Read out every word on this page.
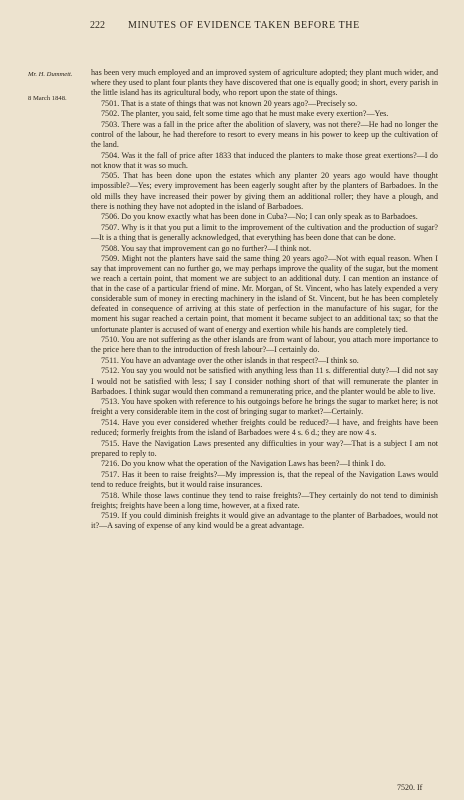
222 MINUTES OF EVIDENCE TAKEN BEFORE THE
Mr. H. Dummett.
8 March 1848.

has been very much employed and an improved system of agriculture adopted; they plant much wider, and where they used to plant four plants they have discovered that one is equally good; in short, every parish in the little island has its agricultural body, who report upon the state of things.

7501. That is a state of things that was not known 20 years ago?—Precisely so.

7502. The planter, you said, felt some time ago that he must make every exertion?—Yes.

7503. There was a fall in the price after the abolition of slavery, was not there?—He had no longer the control of the labour, he had therefore to resort to every means in his power to keep up the cultivation of the land.

7504. Was it the fall of price after 1833 that induced the planters to make those great exertions?—I do not know that it was so much.

7505. That has been done upon the estates which any planter 20 years ago would have thought impossible?—Yes; every improvement has been eagerly sought after by the planters of Barbadoes. In the old mills they have increased their power by giving them an additional roller; they have a plough, and there is nothing they have not adopted in the island of Barbadoes.

7506. Do you know exactly what has been done in Cuba?—No; I can only speak as to Barbadoes.

7507. Why is it that you put a limit to the improvement of the cultivation and the production of sugar?—It is a thing that is generally acknowledged, that everything has been done that can be done.

7508. You say that improvement can go no further?—I think not.

7509. Might not the planters have said the same thing 20 years ago?—Not with equal reason. When I say that improvement can no further go, we may perhaps improve the quality of the sugar, but the moment we reach a certain point, that moment we are subject to an additional duty. I can mention an instance of that in the case of a particular friend of mine. Mr. Morgan, of St. Vincent, who has lately expended a very considerable sum of money in erecting machinery in the island of St. Vincent, but he has been completely defeated in consequence of arriving at this state of perfection in the manufacture of his sugar, for the moment his sugar reached a certain point, that moment it became subject to an additional tax; so that the unfortunate planter is accused of want of energy and exertion while his hands are completely tied.

7510. You are not suffering as the other islands are from want of labour, you attach more importance to the price here than to the introduction of fresh labour?—I certainly do.

7511. You have an advantage over the other islands in that respect?—I think so.

7512. You say you would not be satisfied with anything less than 11 s. differential duty?—I did not say I would not be satisfied with less; I say I consider nothing short of that will remunerate the planter in Barbadoes. I think sugar would then command a remunerating price, and the planter would be able to live.

7513. You have spoken with reference to his outgoings before he brings the sugar to market here; is not freight a very considerable item in the cost of bringing sugar to market?—Certainly.

7514. Have you ever considered whether freights could be reduced?—I have, and freights have been reduced; formerly freights from the island of Barbadoes were 4 s. 6 d.; they are now 4 s.

7515. Have the Navigation Laws presented any difficulties in your way?—That is a subject I am not prepared to reply to.

7216. Do you know what the operation of the Navigation Laws has been?—I think I do.

7517. Has it been to raise freights?—My impression is, that the repeal of the Navigation Laws would tend to reduce freights, but it would raise insurances.

7518. While those laws continue they tend to raise freights?—They certainly do not tend to diminish freights; freights have been a long time, however, at a fixed rate.

7519. If you could diminish freights it would give an advantage to the planter of Barbadoes, would not it?—A saving of expense of any kind would be a great advantage.

7520. If
